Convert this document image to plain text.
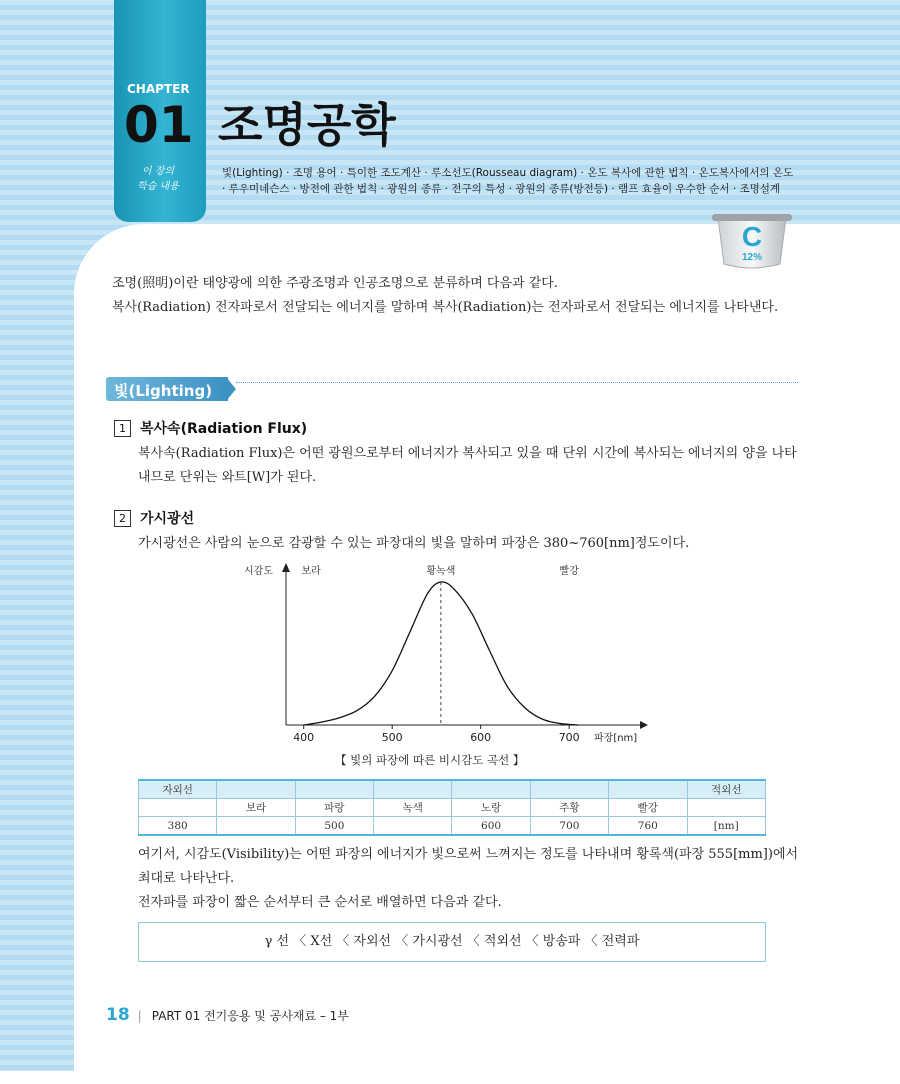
CHAPTER
01 조명공학
이 장의
학습 내용
빛(Lighting) · 조명 용어 · 특이한 조도계산 · 루소선도(Rousseau diagram) · 온도 복사에 관한 법칙 · 온도복사에서의 온도 · 루우미네슨스 · 방전에 관한 법칙 · 광원의 종류 · 전구의 특성 · 광원의 종류(방전등) · 램프 효율이 우수한 순서 · 조명설계
C
12%

조명(照明)이란 태양광에 의한 주광조명과 인공조명으로 분류하며 다음과 같다.

복사(Radiation) 전자파로서 전달되는 에너지를 말하며 복사(Radiation)는 전자파로서 전달되는 에너지를 나타낸다.

빛(Lighting)
1	복사속(Radiation Flux)
복사속(Radiation Flux)은 어떤 광원으로부터 에너지가 복사되고 있을 때 단위 시간에 복사되는 에너지의 양을 나타내므로 단위는 와트[W]가 된다.
2	가시광선
가시광선은 사람의 눈으로 감광할 수 있는 파장대의 빛을 말하며 파장은 380~760[nm]정도이다.
시감도
파장[nm]
400	500	600	700
보라	황녹색	빨강
【 빛의 파장에 따른 비시감도 곡선 】
자외선							적외선
	보라	파랑	녹색	노랑	주황	빨강	
380		500		600	700	760	[nm]

여기서, 시감도(Visibility)는 어떤 파장의 에너지가 빛으로써 느껴지는 정도를 나타내며 황록색(파장 555[mm])에서 최대로 나타난다.

전자파를 파장이 짧은 순서부터 큰 순서로 배열하면 다음과 같다.

γ 선 〈 X선 〈 자외선 〈 가시광선 〈 적외선 〈 방송파 〈 전력파
18 | PART 01 전기응용 및 공사재료 – 1부
